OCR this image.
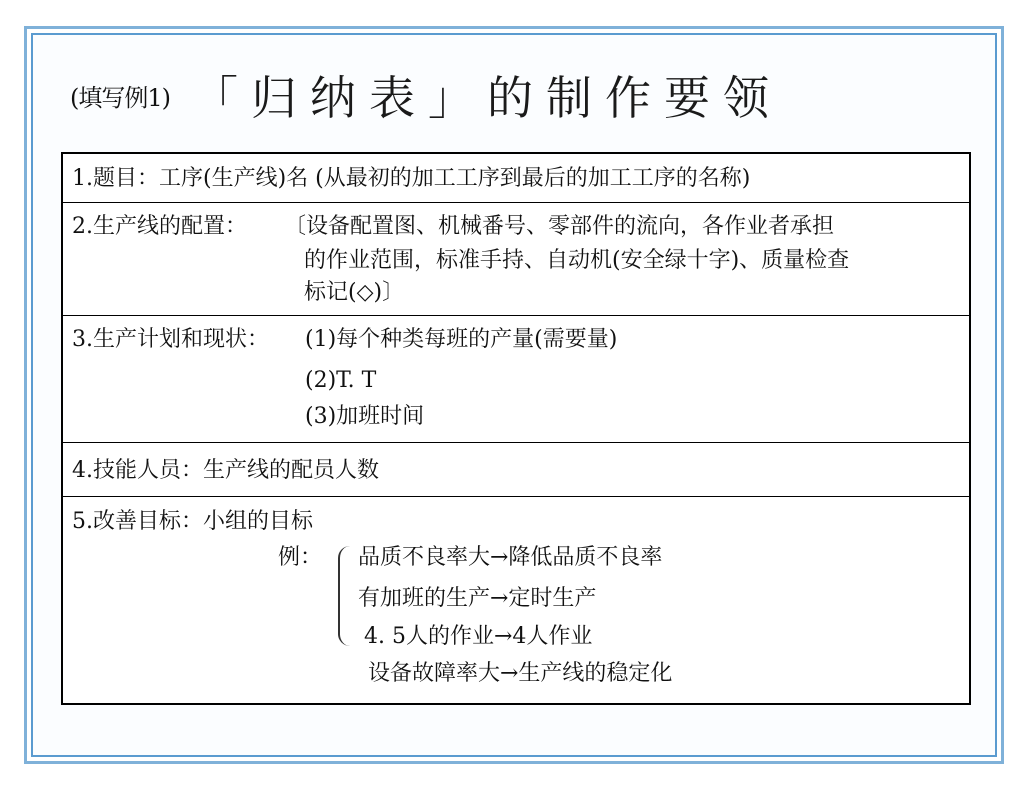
(填写例1) 「归纳表」的制作要领
1.题目：工序(生产线)名 (从最初的加工工序到最后的加工工序的名称)
2.生产线的配置： 〔设备配置图、机械番号、零部件的流向，各作业者承担
的作业范围，标准手持、自动机(安全绿十字)、质量检查
标记(◇)〕
3.生产计划和现状： (1)每个种类每班的产量(需要量)
(2)T. T
(3)加班时间
4.技能人员：生产线的配员人数
5.改善目标：小组的目标
例： 品质不良率大→降低品质不良率
有加班的生产→定时生产
4. 5人的作业→4人作业
设备故障率大→生产线的稳定化
